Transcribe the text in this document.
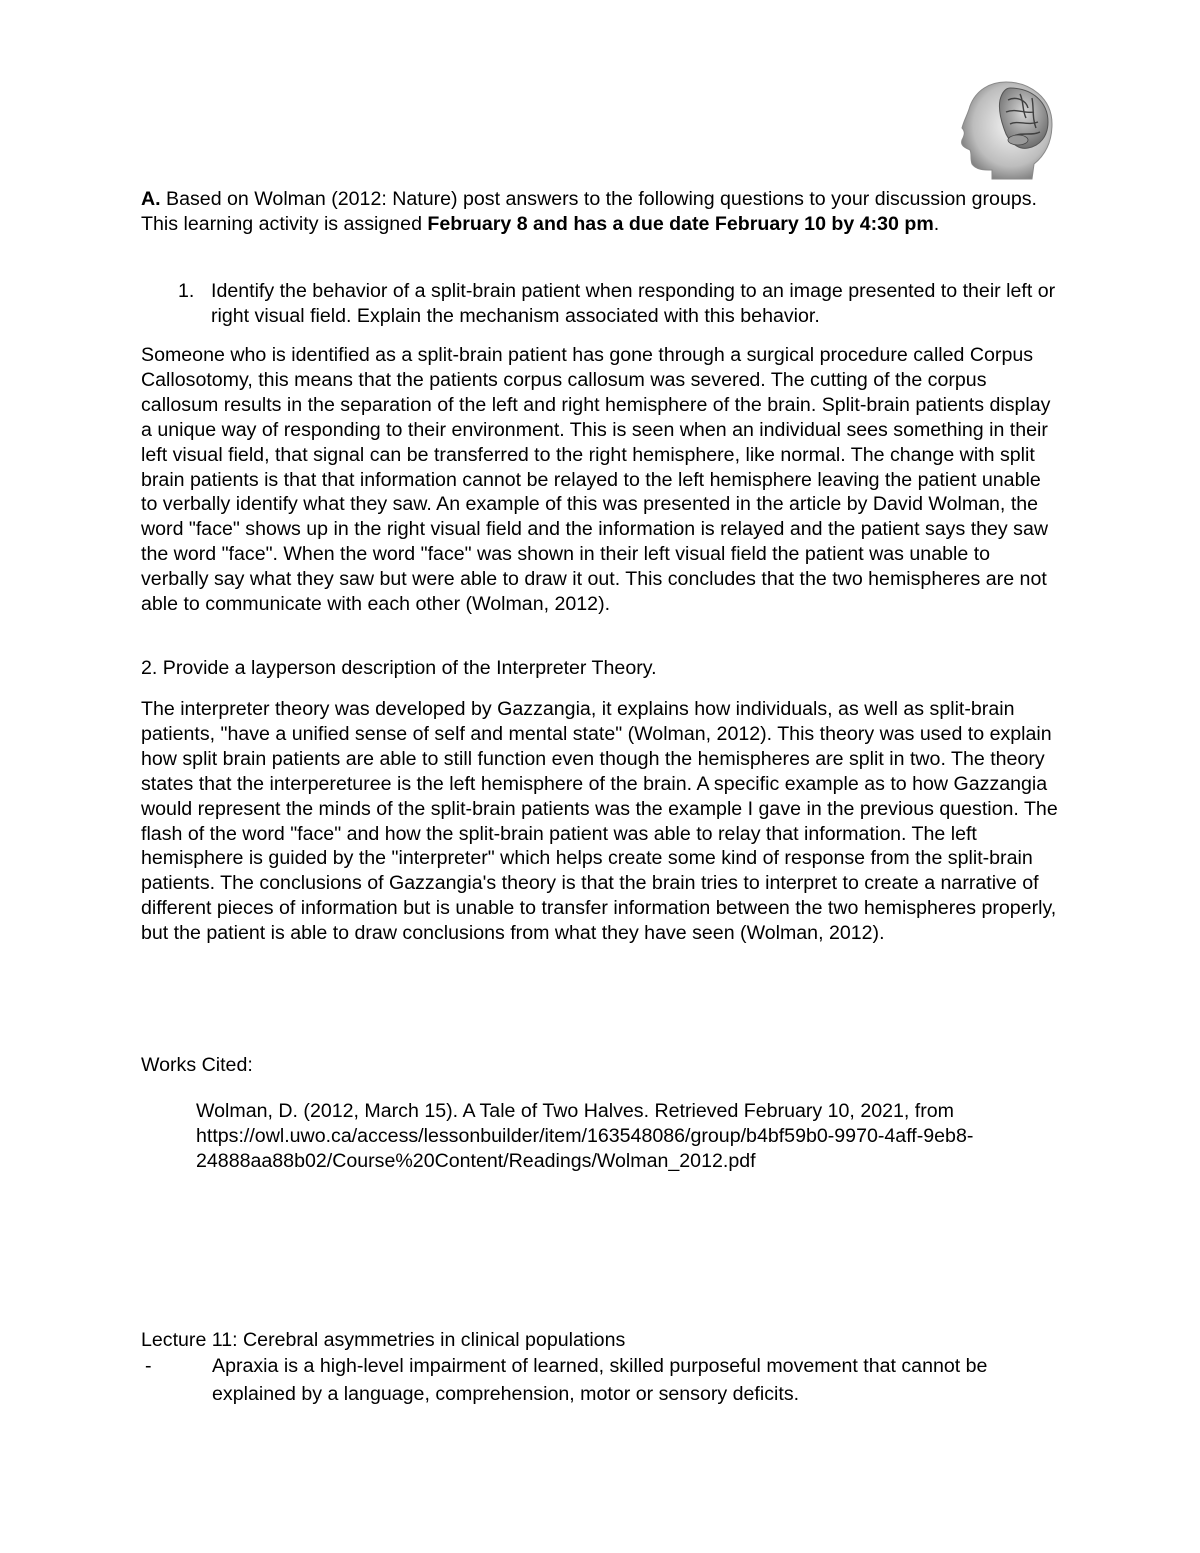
A. Based on Wolman (2012: Nature) post answers to the following questions to your discussion groups. This learning activity is assigned February 8 and has a due date February 10 by 4:30 pm.

1. Identify the behavior of a split-brain patient when responding to an image presented to their left or right visual field. Explain the mechanism associated with this behavior.

Someone who is identified as a split-brain patient has gone through a surgical procedure called Corpus Callosotomy, this means that the patients corpus callosum was severed. The cutting of the corpus callosum results in the separation of the left and right hemisphere of the brain. Split-brain patients display a unique way of responding to their environment. This is seen when an individual sees something in their left visual field, that signal can be transferred to the right hemisphere, like normal. The change with split brain patients is that that information cannot be relayed to the left hemisphere leaving the patient unable to verbally identify what they saw. An example of this was presented in the article by David Wolman, the word "face" shows up in the right visual field and the information is relayed and the patient says they saw the word "face". When the word "face" was shown in their left visual field the patient was unable to verbally say what they saw but were able to draw it out. This concludes that the two hemispheres are not able to communicate with each other (Wolman, 2012).

2. Provide a layperson description of the Interpreter Theory.

The interpreter theory was developed by Gazzangia, it explains how individuals, as well as split-brain patients, "have a unified sense of self and mental state" (Wolman, 2012). This theory was used to explain how split brain patients are able to still function even though the hemispheres are split in two. The theory states that the interpereturee is the left hemisphere of the brain. A specific example as to how Gazzangia would represent the minds of the split-brain patients was the example I gave in the previous question. The flash of the word "face" and how the split-brain patient was able to relay that information. The left hemisphere is guided by the "interpreter" which helps create some kind of response from the split-brain patients. The conclusions of Gazzangia's theory is that the brain tries to interpret to create a narrative of different pieces of information but is unable to transfer information between the two hemispheres properly, but the patient is able to draw conclusions from what they have seen (Wolman, 2012).

Works Cited:

Wolman, D. (2012, March 15). A Tale of Two Halves. Retrieved February 10, 2021, from
https://owl.uwo.ca/access/lessonbuilder/item/163548086/group/b4bf59b0-9970-4aff-9eb8-
24888aa88b02/Course%20Content/Readings/Wolman_2012.pdf

Lecture 11: Cerebral asymmetries in clinical populations

-	Apraxia is a high-level impairment of learned, skilled purposeful movement that cannot be explained by a language, comprehension, motor or sensory deficits.
